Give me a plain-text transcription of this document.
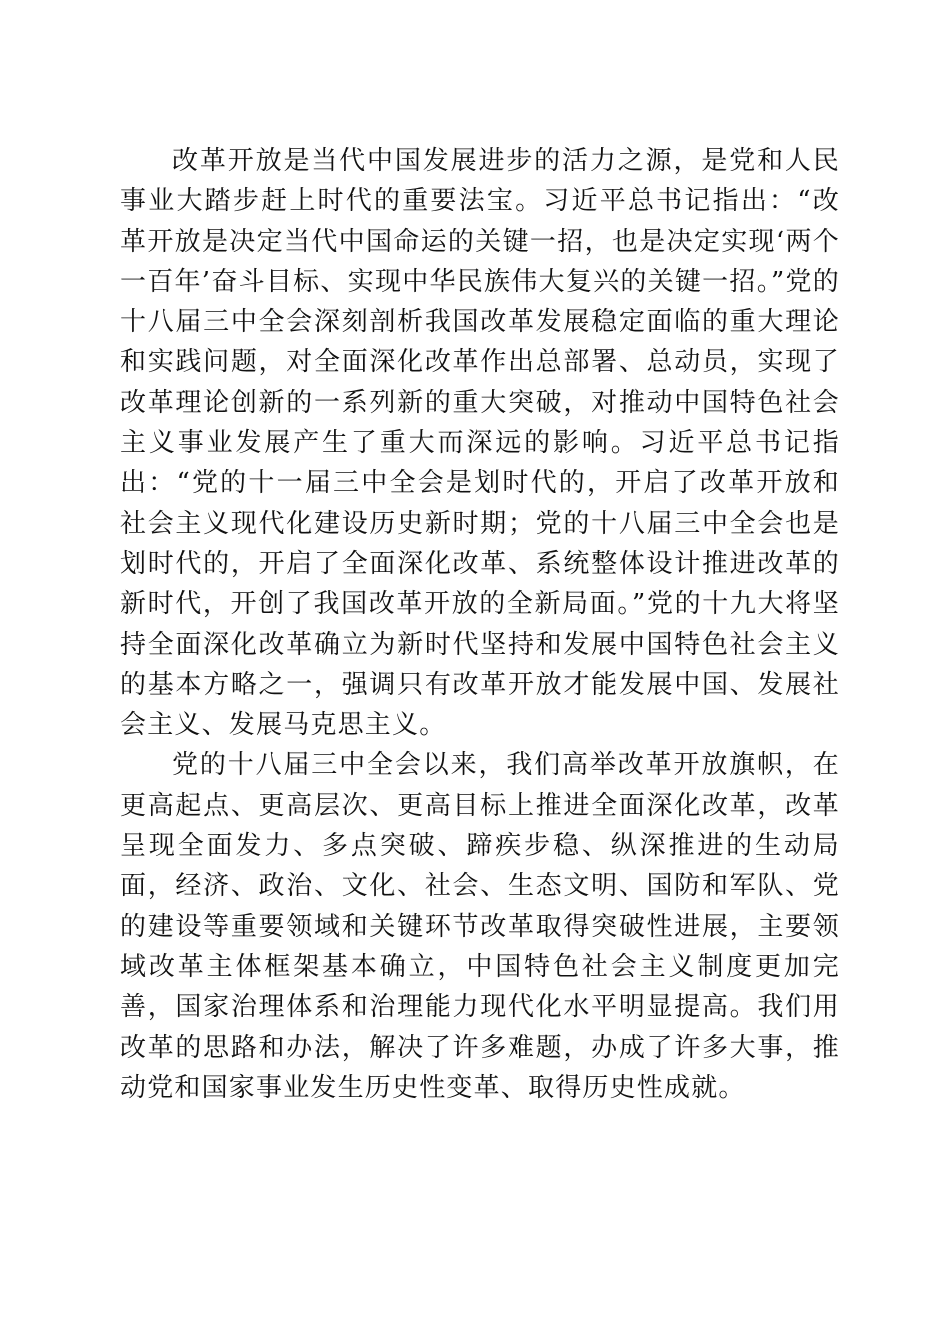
改革开放是当代中国发展进步的活力之源，是党和人民事业大踏步赶上时代的重要法宝。习近平总书记指出：“改革开放是决定当代中国命运的关键一招，也是决定实现‘两个一百年’奋斗目标、实现中华民族伟大复兴的关键一招。”党的十八届三中全会深刻剖析我国改革发展稳定面临的重大理论和实践问题，对全面深化改革作出总部署、总动员，实现了改革理论创新的一系列新的重大突破，对推动中国特色社会主义事业发展产生了重大而深远的影响。习近平总书记指出：“党的十一届三中全会是划时代的，开启了改革开放和社会主义现代化建设历史新时期；党的十八届三中全会也是划时代的，开启了全面深化改革、系统整体设计推进改革的新时代，开创了我国改革开放的全新局面。”党的十九大将坚持全面深化改革确立为新时代坚持和发展中国特色社会主义的基本方略之一，强调只有改革开放才能发展中国、发展社会主义、发展马克思主义。

党的十八届三中全会以来，我们高举改革开放旗帜，在更高起点、更高层次、更高目标上推进全面深化改革，改革呈现全面发力、多点突破、蹄疾步稳、纵深推进的生动局面，经济、政治、文化、社会、生态文明、国防和军队、党的建设等重要领域和关键环节改革取得突破性进展，主要领域改革主体框架基本确立，中国特色社会主义制度更加完善，国家治理体系和治理能力现代化水平明显提高。我们用改革的思路和办法，解决了许多难题，办成了许多大事，推动党和国家事业发生历史性变革、取得历史性成就。
